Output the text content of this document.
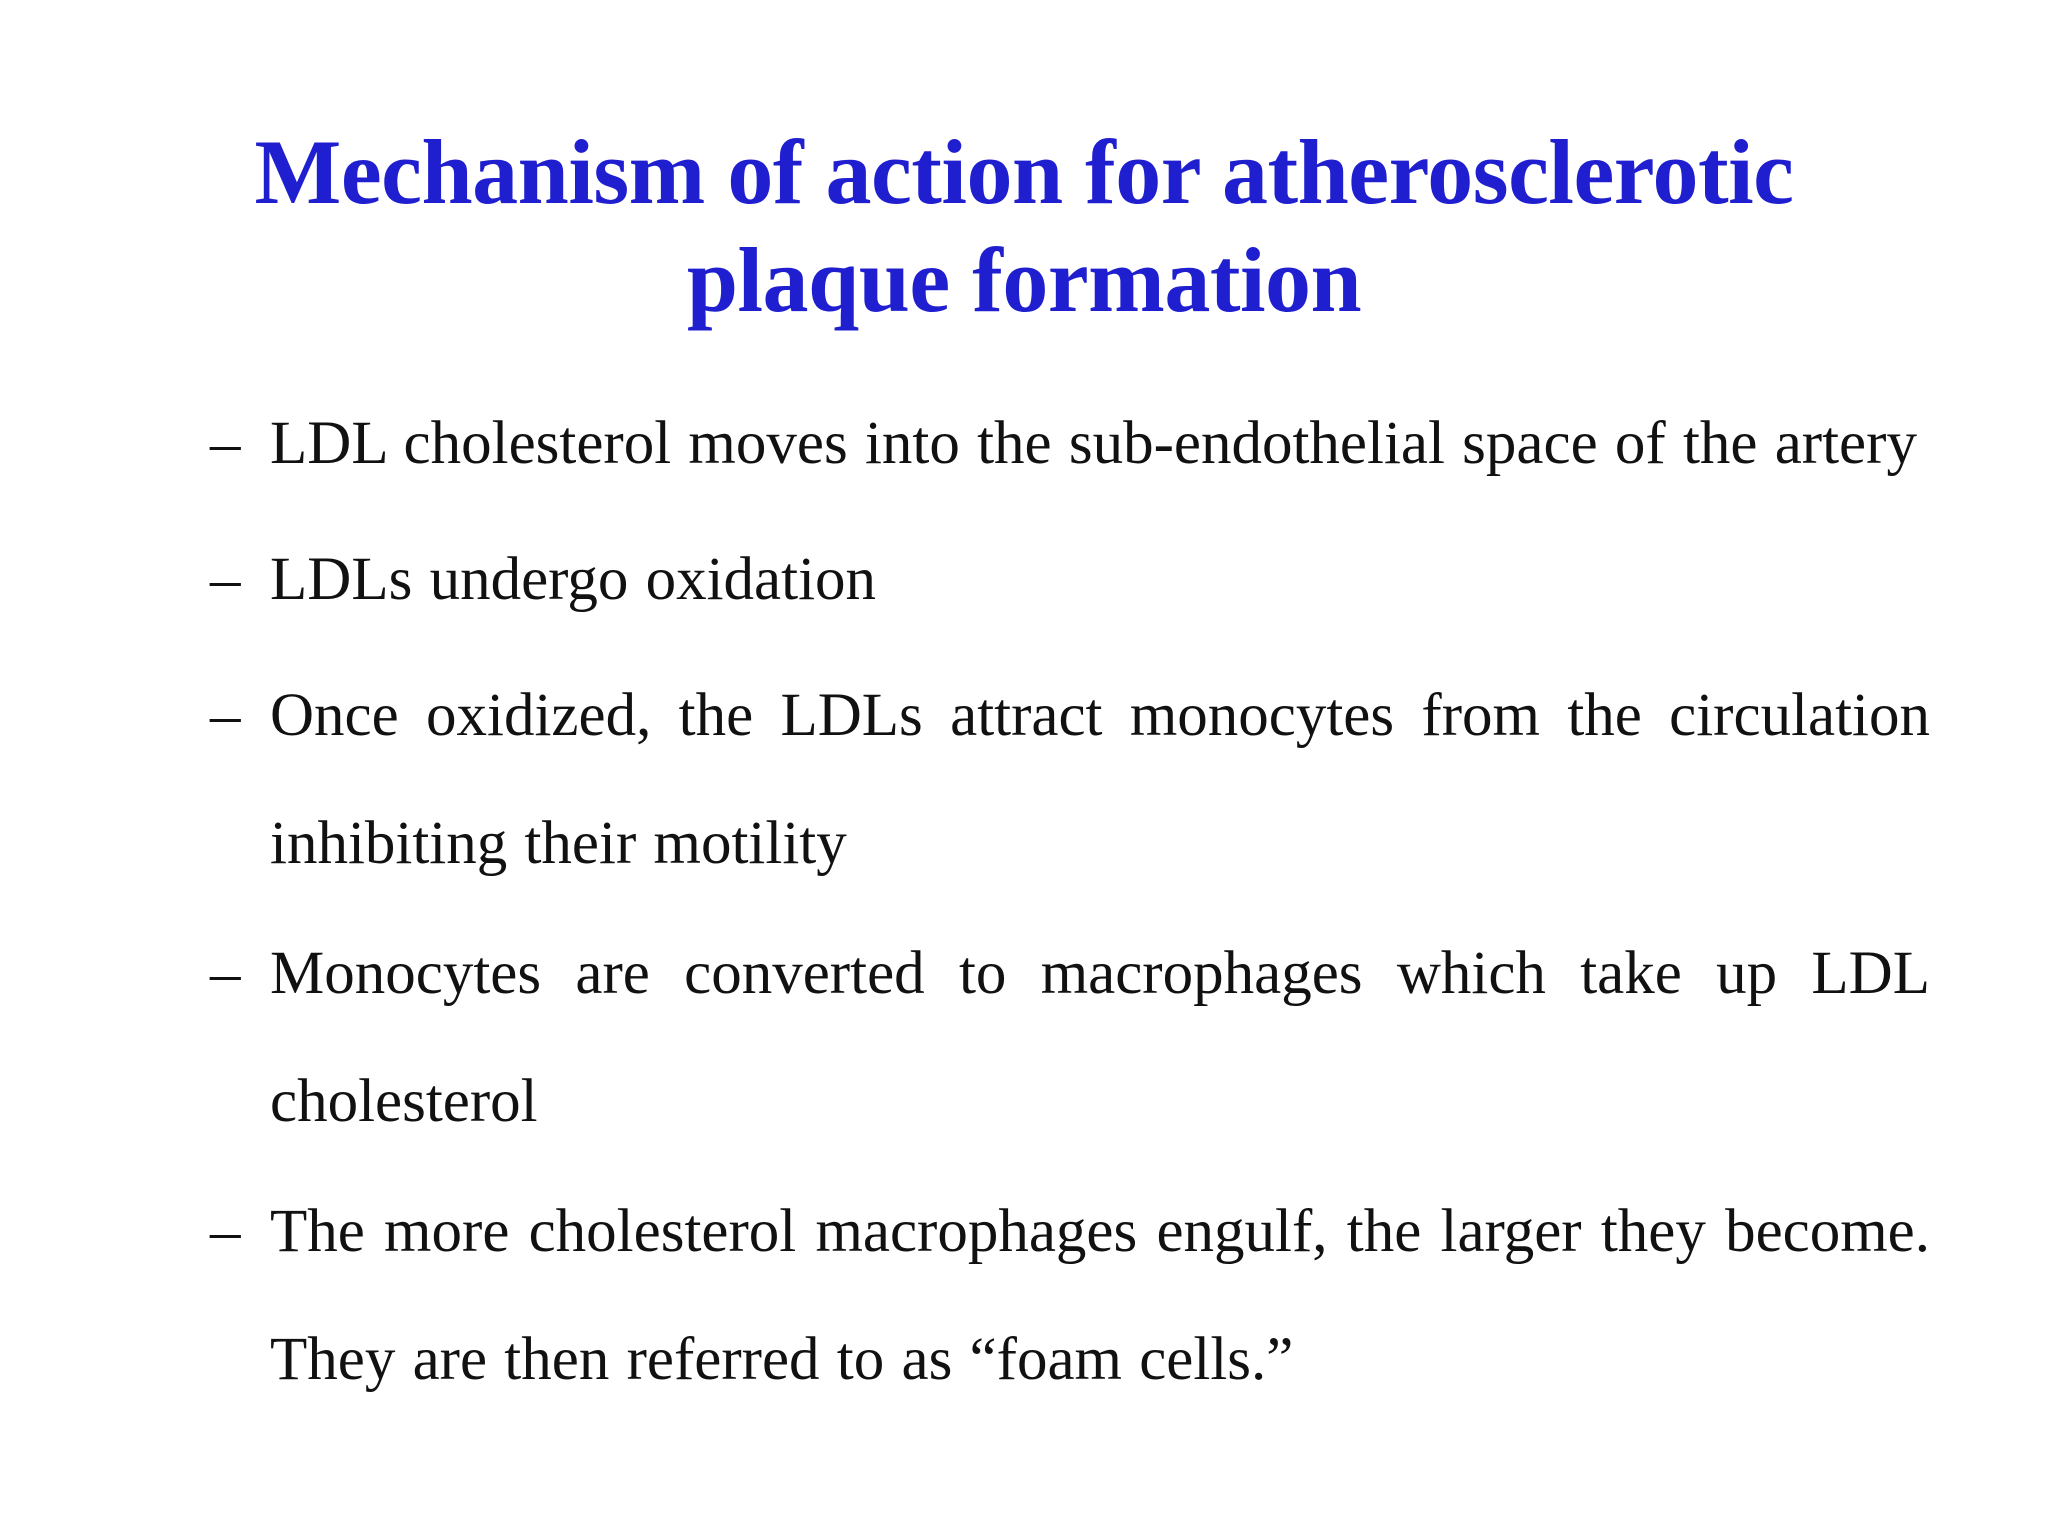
Mechanism of action for atherosclerotic
plaque formation
– LDL cholesterol moves into the sub-endothelial space of the artery
– LDLs undergo oxidation
– Once oxidized, the LDLs attract monocytes from the circulation inhibiting their motility
– Monocytes are converted to macrophages which take up LDL cholesterol
– The more cholesterol macrophages engulf, the larger they become. They are then referred to as “foam cells.”
